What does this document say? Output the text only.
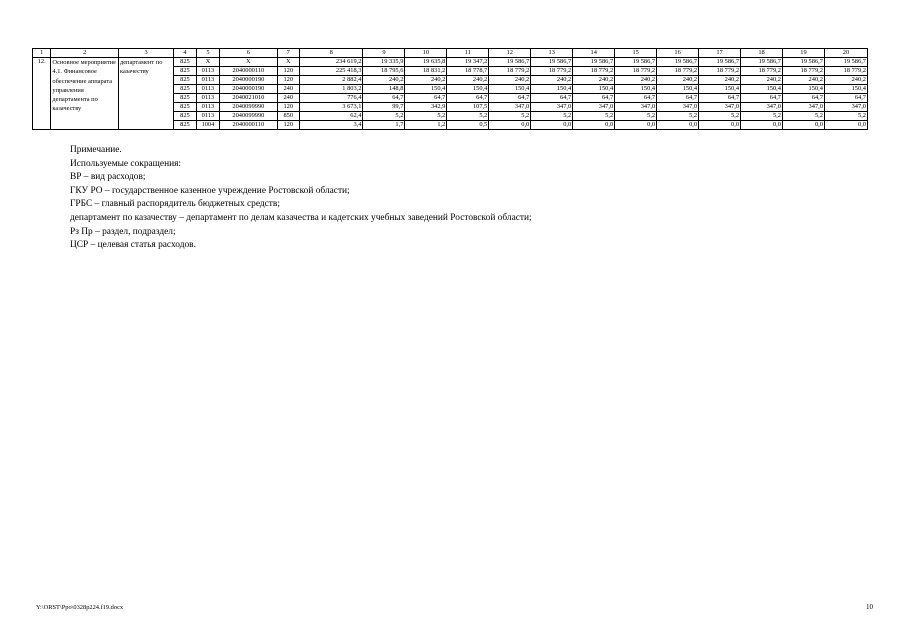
1	2	3	4	5	6	7	8	9	10	11	12	13	14	15	16	17	18	19	20
12.	Основное мероприятие 4.1. Финансовое обеспечение аппарата управления департамента по казачеству	департамент по казачеству	825	X	X	X	234 619,2	19 335,9	19 635,8	19 347,2	19 586,7	19 586,7	19 586,7	19 586,7	19 586,7	19 586,7	19 586,7	19 586,7	19 586,7
			825	0113	2040000110	120	225 418,3	18 795,6	18 831,2	18 778,7	18 779,2	18 779,2	18 779,2	18 779,2	18 779,2	18 779,2	18 779,2	18 779,2	18 779,2
			825	0113	2040000190	120	2 882,4	240,2	240,2	240,2	240,2	240,2	240,2	240,2	240,2	240,2	240,2	240,2	240,2
			825	0113	2040000190	240	1 803,2	148,8	150,4	150,4	150,4	150,4	150,4	150,4	150,4	150,4	150,4	150,4	150,4
			825	0113	2040021010	240	776,4	64,7	64,7	64,7	64,7	64,7	64,7	64,7	64,7	64,7	64,7	64,7	64,7
			825	0113	2040099990	120	3 673,1	99,7	342,9	107,5	347,0	347,0	347,0	347,0	347,0	347,0	347,0	347,0	347,0
			825	0113	2040099990	850	62,4	5,2	5,2	5,2	5,2	5,2	5,2	5,2	5,2	5,2	5,2	5,2	5,2
			825	1004	2040000110	120	3,4	1,7	1,2	0,5	0,0	0,0	0,0	0,0	0,0	0,0	0,0	0,0	0,0
Примечание.
Используемые сокращения:
ВР – вид расходов;
ГКУ РО – государственное казенное учреждение Ростовской области;
ГРБС – главный распорядитель бюджетных средств;
департамент по казачеству – департамент по делам казачества и кадетских учебных заведений Ростовской области;
Рз Пр – раздел, подраздел;
ЦСР – целевая статья расходов.
Y:\ORST\Ppo\0328p224.f19.docx	10
